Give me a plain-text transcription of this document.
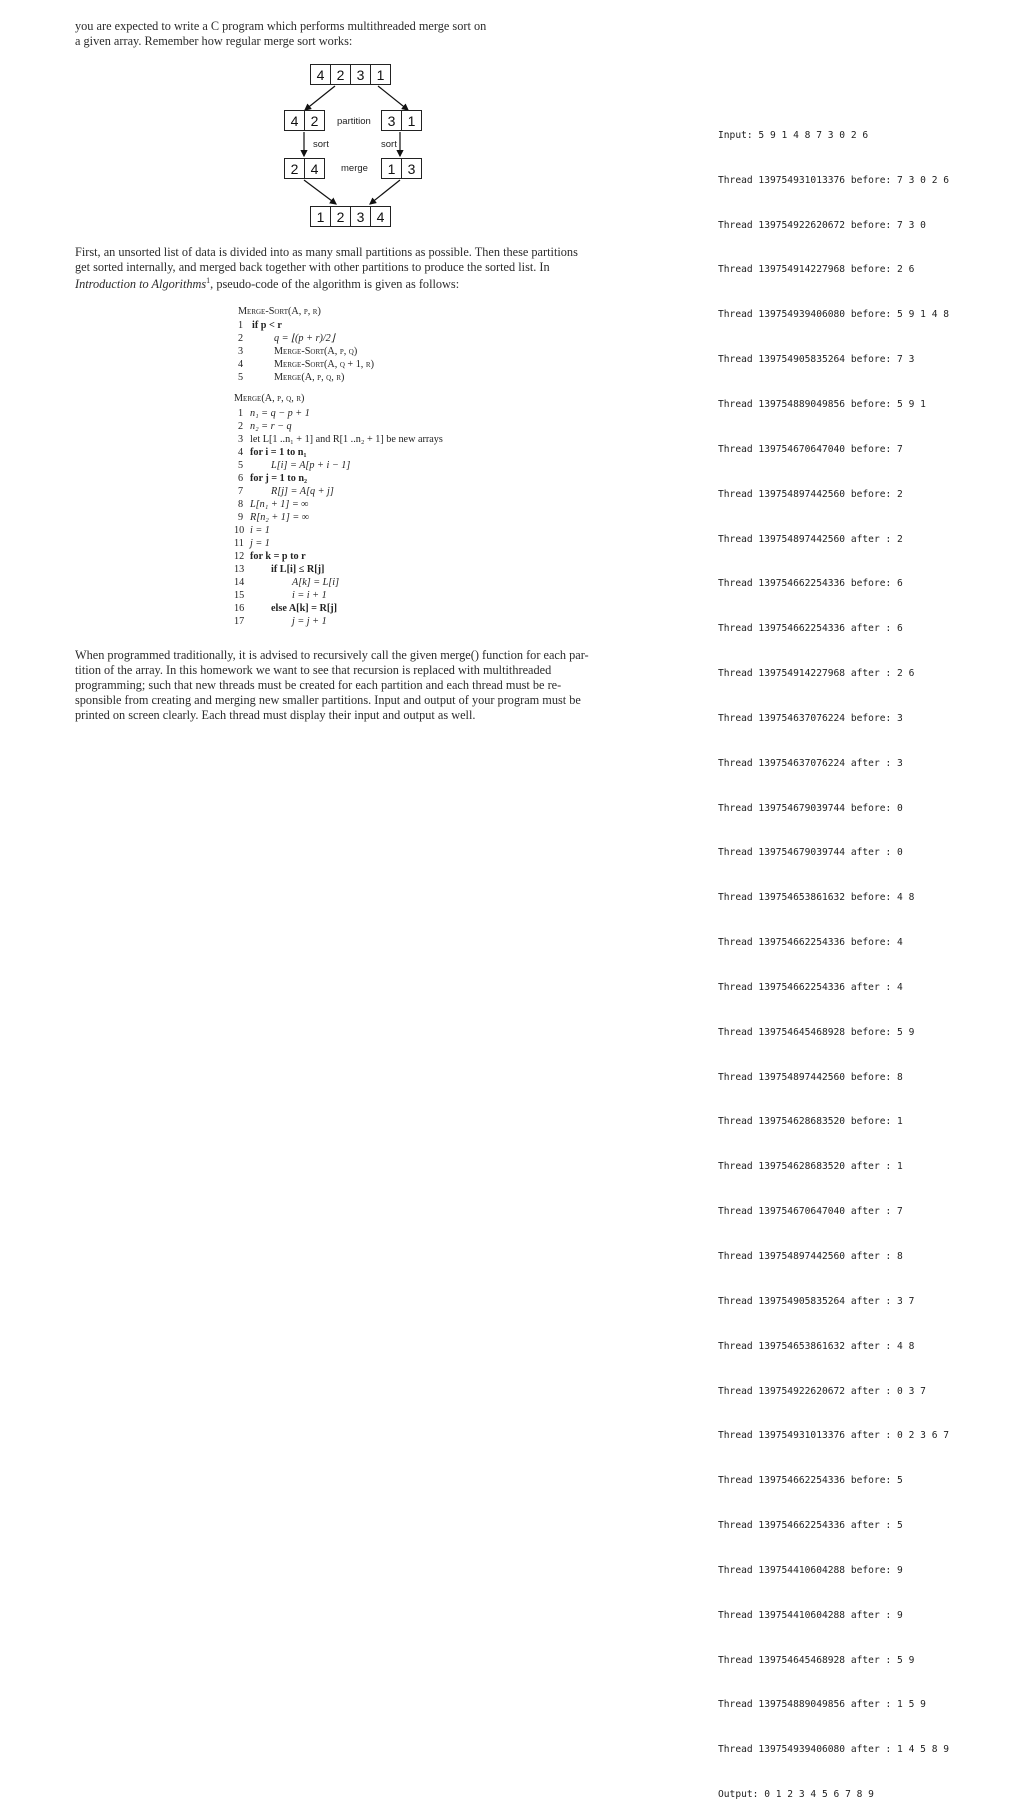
you are expected to write a C program which performs multithreaded merge sort on
a given array. Remember how regular merge sort works:
4 2 3 1
4 2	partition	3 1
sort	sort
2 4	merge	1 3
1 2 3 4
First, an unsorted list of data is divided into as many small partitions as possible. Then these partitions
get sorted internally, and merged back together with other partitions to produce the sorted list. In
Introduction to Algorithms$^1$, pseudo-code of the algorithm is given as follows:
Merge-Sort(A, p, r)
1 if p < r
2	q = ⌊(p + r)/2⌋
3	Merge-Sort(A, p, q)
4	Merge-Sort(A, q + 1, r)
5	Merge(A, p, q, r)
Merge(A, p, q, r)
1 n₁ = q − p + 1
2 n₂ = r − q
3 let L[1 ..n₁ + 1] and R[1 ..n₂ + 1] be new arrays
4 for i = 1 to n₁
5	L[i] = A[p + i − 1]
6 for j = 1 to n₂
7	R[j] = A[q + j]
8 L[n₁ + 1] = ∞
9 R[n₂ + 1] = ∞
10 i = 1
11 j = 1
12 for k = p to r
13	if L[i] ≤ R[j]
14	A[k] = L[i]
15	i = i + 1
16	else A[k] = R[j]
17	j = j + 1
When programmed traditionally, it is advised to recursively call the given merge() function for each par-
tition of the array. In this homework we want to see that recursion is replaced with multithreaded
programming; such that new threads must be created for each partition and each thread must be re-
sponsible from creating and merging new smaller partitions. Input and output of your program must be
printed on screen clearly. Each thread must display their input and output as well.

Input: 5 9 1 4 8 7 3 0 2 6

Thread 139754931013376 before: 7 3 0 2 6

Thread 139754922620672 before: 7 3 0

Thread 139754914227968 before: 2 6

Thread 139754939406080 before: 5 9 1 4 8

Thread 139754905835264 before: 7 3

Thread 139754889049856 before: 5 9 1

Thread 139754670647040 before: 7

Thread 139754897442560 before: 2

Thread 139754897442560 after : 2

Thread 139754662254336 before: 6

Thread 139754662254336 after : 6

Thread 139754914227968 after : 2 6

Thread 139754637076224 before: 3

Thread 139754637076224 after : 3

Thread 139754679039744 before: 0

Thread 139754679039744 after : 0

Thread 139754653861632 before: 4 8

Thread 139754662254336 before: 4

Thread 139754662254336 after : 4

Thread 139754645468928 before: 5 9

Thread 139754897442560 before: 8

Thread 139754628683520 before: 1

Thread 139754628683520 after : 1

Thread 139754670647040 after : 7

Thread 139754897442560 after : 8

Thread 139754905835264 after : 3 7

Thread 139754653861632 after : 4 8

Thread 139754922620672 after : 0 3 7

Thread 139754931013376 after : 0 2 3 6 7

Thread 139754662254336 before: 5

Thread 139754662254336 after : 5

Thread 139754410604288 before: 9

Thread 139754410604288 after : 9

Thread 139754645468928 after : 5 9

Thread 139754889049856 after : 1 5 9

Thread 139754939406080 after : 1 4 5 8 9

Output: 0 1 2 3 4 5 6 7 8 9
